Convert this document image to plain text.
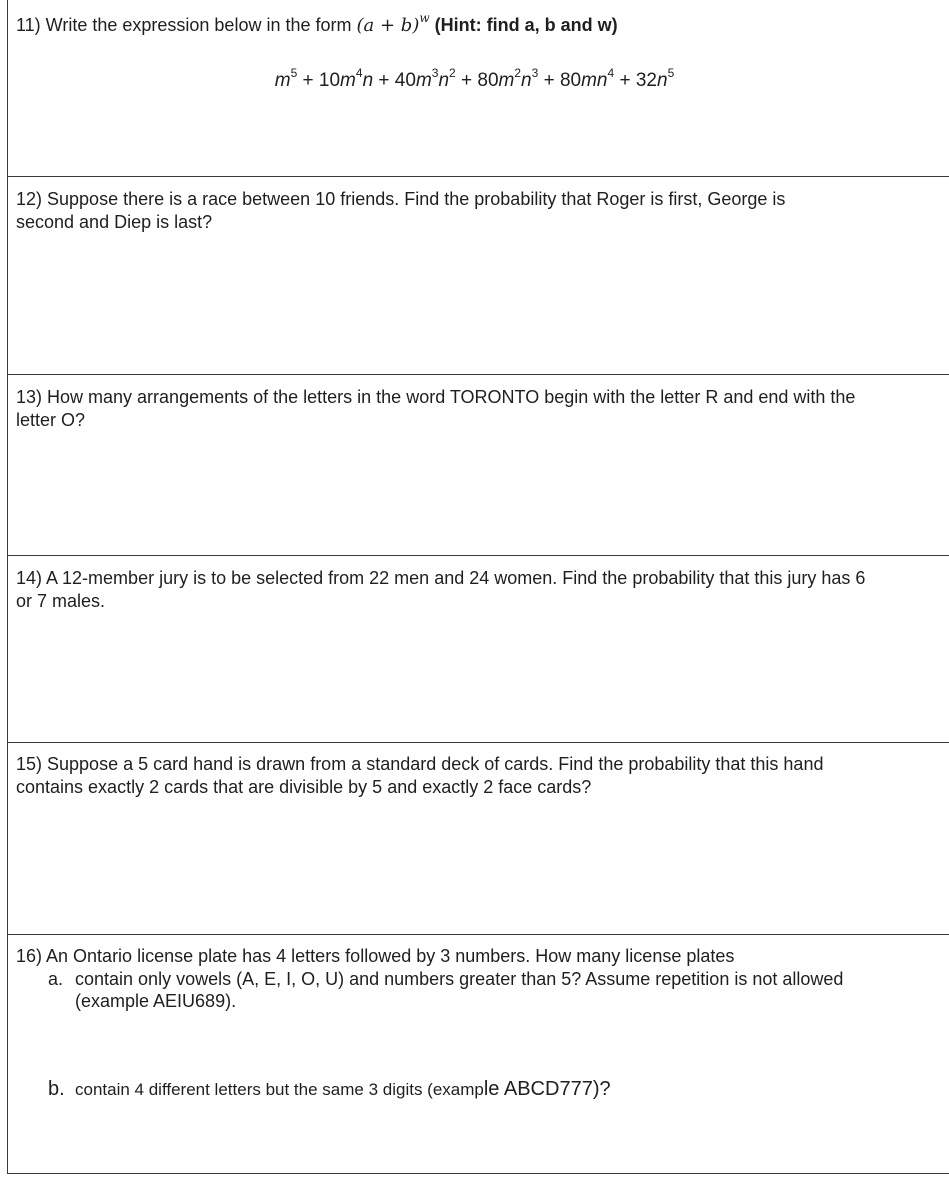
11) Write the expression below in the form $(a + b)^w$ (Hint: find a, b and w)
$m^5 + 10m^4n + 40m^3n^2 + 80m^2n^3 + 80mn^4 + 32n^5$
12) Suppose there is a race between 10 friends. Find the probability that Roger is first, George is
second and Diep is last?
13) How many arrangements of the letters in the word TORONTO begin with the letter R and end with the
letter O?
14) A 12-member jury is to be selected from 22 men and 24 women. Find the probability that this jury has 6
or 7 males.
15) Suppose a 5 card hand is drawn from a standard deck of cards. Find the probability that this hand
contains exactly 2 cards that are divisible by 5 and exactly 2 face cards?
16) An Ontario license plate has 4 letters followed by 3 numbers. How many license plates
a. contain only vowels (A, E, I, O, U) and numbers greater than 5? Assume repetition is not allowed
(example AEIU689).
b. contain 4 different letters but the same 3 digits (example ABCD777)?
